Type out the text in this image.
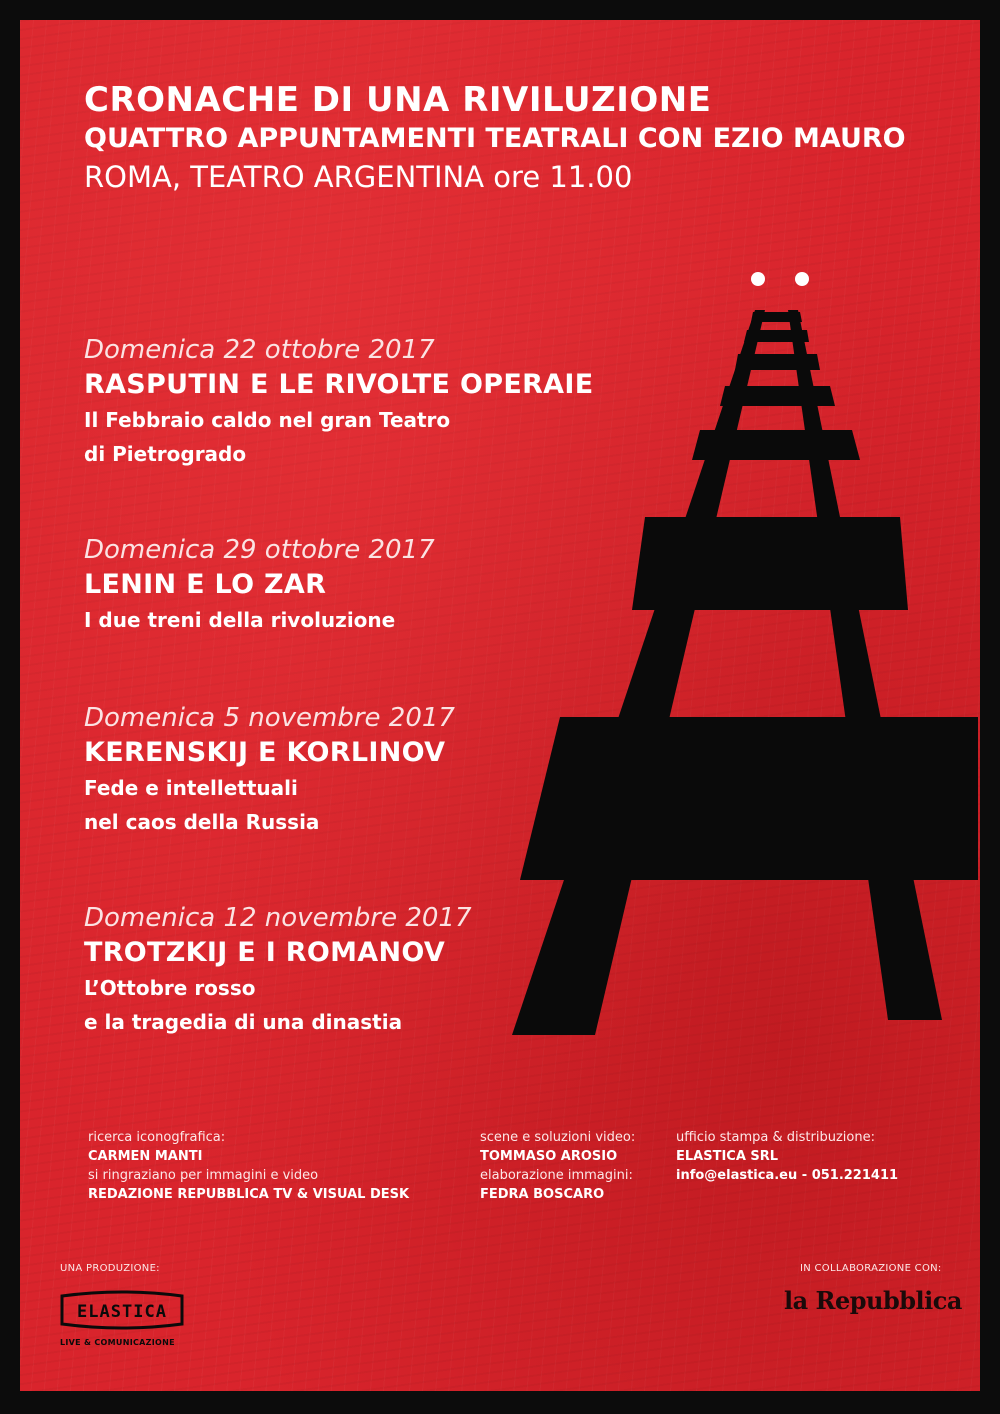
CRONACHE DI UNA RIVILUZIONE
QUATTRO APPUNTAMENTI TEATRALI CON EZIO MAURO
ROMA, TEATRO ARGENTINA ore 11.00
Domenica 22 ottobre 2017
RASPUTIN E LE RIVOLTE OPERAIE
Il Febbraio caldo nel gran Teatro
di Pietrogrado
Domenica 29 ottobre 2017
LENIN E LO ZAR
I due treni della rivoluzione
Domenica 5 novembre 2017
KERENSKIJ E KORLINOV
Fede e intellettuali
nel caos della Russia
Domenica 12 novembre 2017
TROTZKIJ E I ROMANOV
L’Ottobre rosso
e la tragedia di una dinastia
ricerca iconogfrafica:
CARMEN MANTI
si ringraziano per immagini e video
REDAZIONE REPUBBLICA TV & VISUAL DESK
scene e soluzioni video:
TOMMASO AROSIO
elaborazione immagini:
FEDRA BOSCARO
ufficio stampa & distribuzione:
ELASTICA SRL
info@elastica.eu - 051.221411
UNA PRODUZIONE:	IN COLLABORAZIONE CON:
ELASTICA
LIVE & COMUNICAZIONE
la Repubblica
